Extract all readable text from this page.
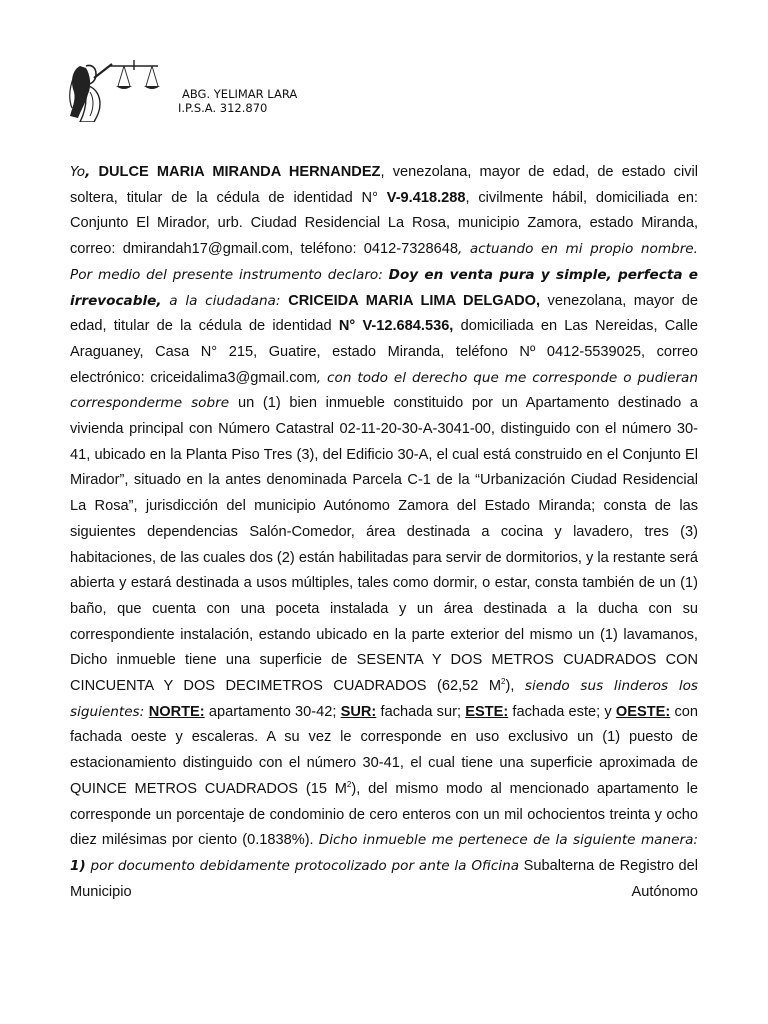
ABG. YELIMAR LARA
I.P.S.A. 312.870

Yo, DULCE MARIA MIRANDA HERNANDEZ, venezolana, mayor de edad, de estado civil soltera, titular de la cédula de identidad N° V-9.418.288, civilmente hábil, domiciliada en: Conjunto El Mirador, urb. Ciudad Residencial La Rosa, municipio Zamora, estado Miranda, correo: dmirandah17@gmail.com, teléfono: 0412-7328648, actuando en mi propio nombre. Por medio del presente instrumento declaro: Doy en venta pura y simple, perfecta e irrevocable, a la ciudadana: CRICEIDA MARIA LIMA DELGADO, venezolana, mayor de edad, titular de la cédula de identidad N° V-12.684.536, domiciliada en Las Nereidas, Calle Araguaney, Casa N° 215, Guatire, estado Miranda, teléfono Nº 0412-5539025, correo electrónico: criceidalima3@gmail.com, con todo el derecho que me corresponde o pudieran corresponderme sobre un (1) bien inmueble constituido por un Apartamento destinado a vivienda principal con Número Catastral 02-11-20-30-A-3041-00, distinguido con el número 30-41, ubicado en la Planta Piso Tres (3), del Edificio 30-A, el cual está construido en el Conjunto El Mirador”, situado en la antes denominada Parcela C-1 de la “Urbanización Ciudad Residencial La Rosa”, jurisdicción del municipio Autónomo Zamora del Estado Miranda; consta de las siguientes dependencias Salón-Comedor, área destinada a cocina y lavadero, tres (3) habitaciones, de las cuales dos (2) están habilitadas para servir de dormitorios, y la restante será abierta y estará destinada a usos múltiples, tales como dormir, o estar, consta también de un (1) baño, que cuenta con una poceta instalada y un área destinada a la ducha con su correspondiente instalación, estando ubicado en la parte exterior del mismo un (1) lavamanos, Dicho inmueble tiene una superficie de SESENTA Y DOS METROS CUADRADOS CON CINCUENTA Y DOS DECIMETROS CUADRADOS (62,52 $M^2$), siendo sus linderos los siguientes: NORTE: apartamento 30-42; SUR: fachada sur; ESTE: fachada este; y OESTE: con fachada oeste y escaleras. A su vez le corresponde en uso exclusivo un (1) puesto de estacionamiento distinguido con el número 30-41, el cual tiene una superficie aproximada de QUINCE METROS CUADRADOS (15 $M^2$), del mismo modo al mencionado apartamento le corresponde un porcentaje de condominio de cero enteros con un mil ochocientos treinta y ocho diez milésimas por ciento (0.1838%). Dicho inmueble me pertenece de la siguiente manera: 1) por documento debidamente protocolizado por ante la Oficina Subalterna de Registro del Municipio Autónomo
